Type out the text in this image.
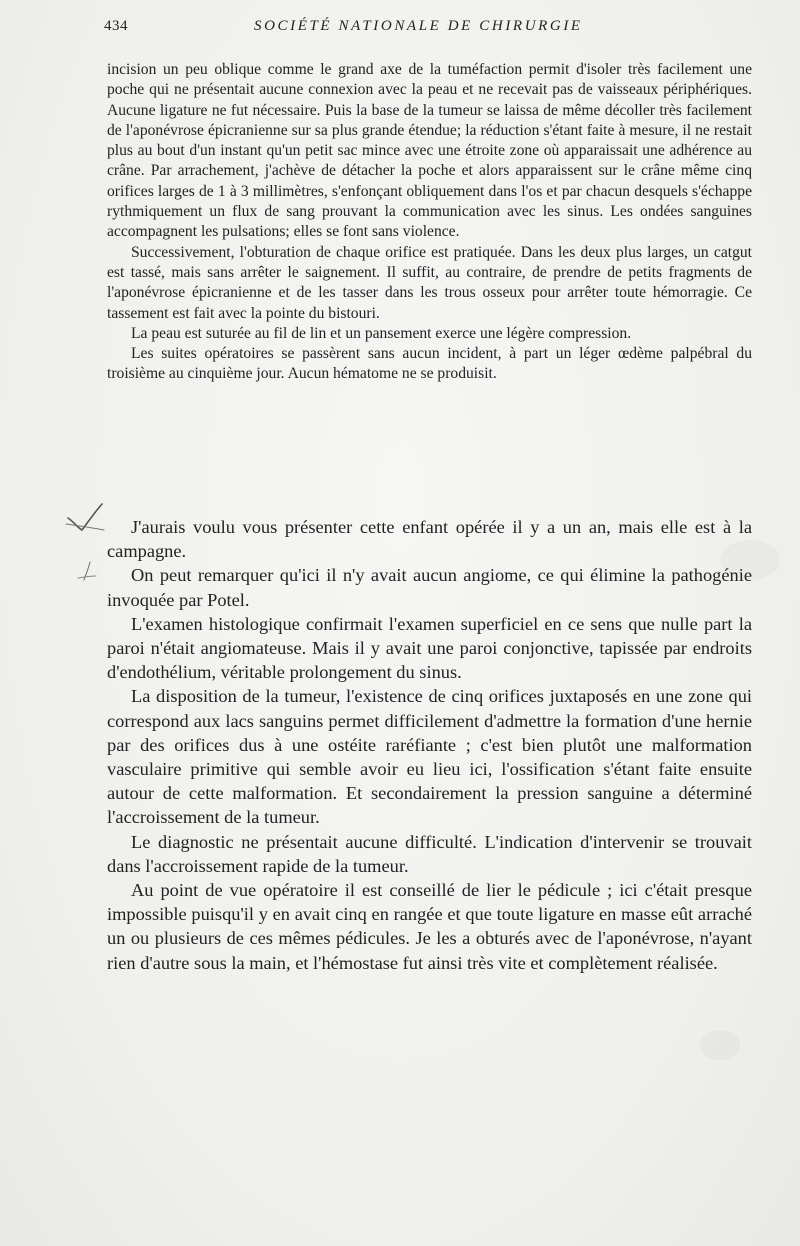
434	SOCIÉTÉ NATIONALE DE CHIRURGIE

incision un peu oblique comme le grand axe de la tuméfaction permit d'isoler très facilement une poche qui ne présentait aucune connexion avec la peau et ne recevait pas de vaisseaux périphériques. Aucune ligature ne fut nécessaire. Puis la base de la tumeur se laissa de même décoller très facilement de l'aponévrose épicranienne sur sa plus grande étendue; la réduction s'étant faite à mesure, il ne restait plus au bout d'un instant qu'un petit sac mince avec une étroite zone où apparaissait une adhérence au crâne. Par arrachement, j'achève de détacher la poche et alors apparaissent sur le crâne même cinq orifices larges de 1 à 3 millimètres, s'enfonçant obliquement dans l'os et par chacun desquels s'échappe rythmiquement un flux de sang prouvant la communication avec les sinus. Les ondées sanguines accompagnent les pulsations; elles se font sans violence.

Successivement, l'obturation de chaque orifice est pratiquée. Dans les deux plus larges, un catgut est tassé, mais sans arrêter le saignement. Il suffit, au contraire, de prendre de petits fragments de l'aponévrose épicranienne et de les tasser dans les trous osseux pour arrêter toute hémorragie. Ce tassement est fait avec la pointe du bistouri.

La peau est suturée au fil de lin et un pansement exerce une légère compression.

Les suites opératoires se passèrent sans aucun incident, à part un léger œdème palpébral du troisième au cinquième jour. Aucun hématome ne se produisit.

J'aurais voulu vous présenter cette enfant opérée il y a un an, mais elle est à la campagne.

On peut remarquer qu'ici il n'y avait aucun angiome, ce qui élimine la pathogénie invoquée par Potel.

L'examen histologique confirmait l'examen superficiel en ce sens que nulle part la paroi n'était angiomateuse. Mais il y avait une paroi conjonctive, tapissée par endroits d'endothélium, véritable prolongement du sinus.

La disposition de la tumeur, l'existence de cinq orifices juxtaposés en une zone qui correspond aux lacs sanguins permet difficilement d'admettre la formation d'une hernie par des orifices dus à une ostéite raréfiante ; c'est bien plutôt une malformation vasculaire primitive qui semble avoir eu lieu ici, l'ossification s'étant faite ensuite autour de cette malformation. Et secondairement la pression sanguine a déterminé l'accroissement de la tumeur.

Le diagnostic ne présentait aucune difficulté. L'indication d'intervenir se trouvait dans l'accroissement rapide de la tumeur.

Au point de vue opératoire il est conseillé de lier le pédicule ; ici c'était presque impossible puisqu'il y en avait cinq en rangée et que toute ligature en masse eût arraché un ou plusieurs de ces mêmes pédicules. Je les a obturés avec de l'aponévrose, n'ayant rien d'autre sous la main, et l'hémostase fut ainsi très vite et complètement réalisée.
